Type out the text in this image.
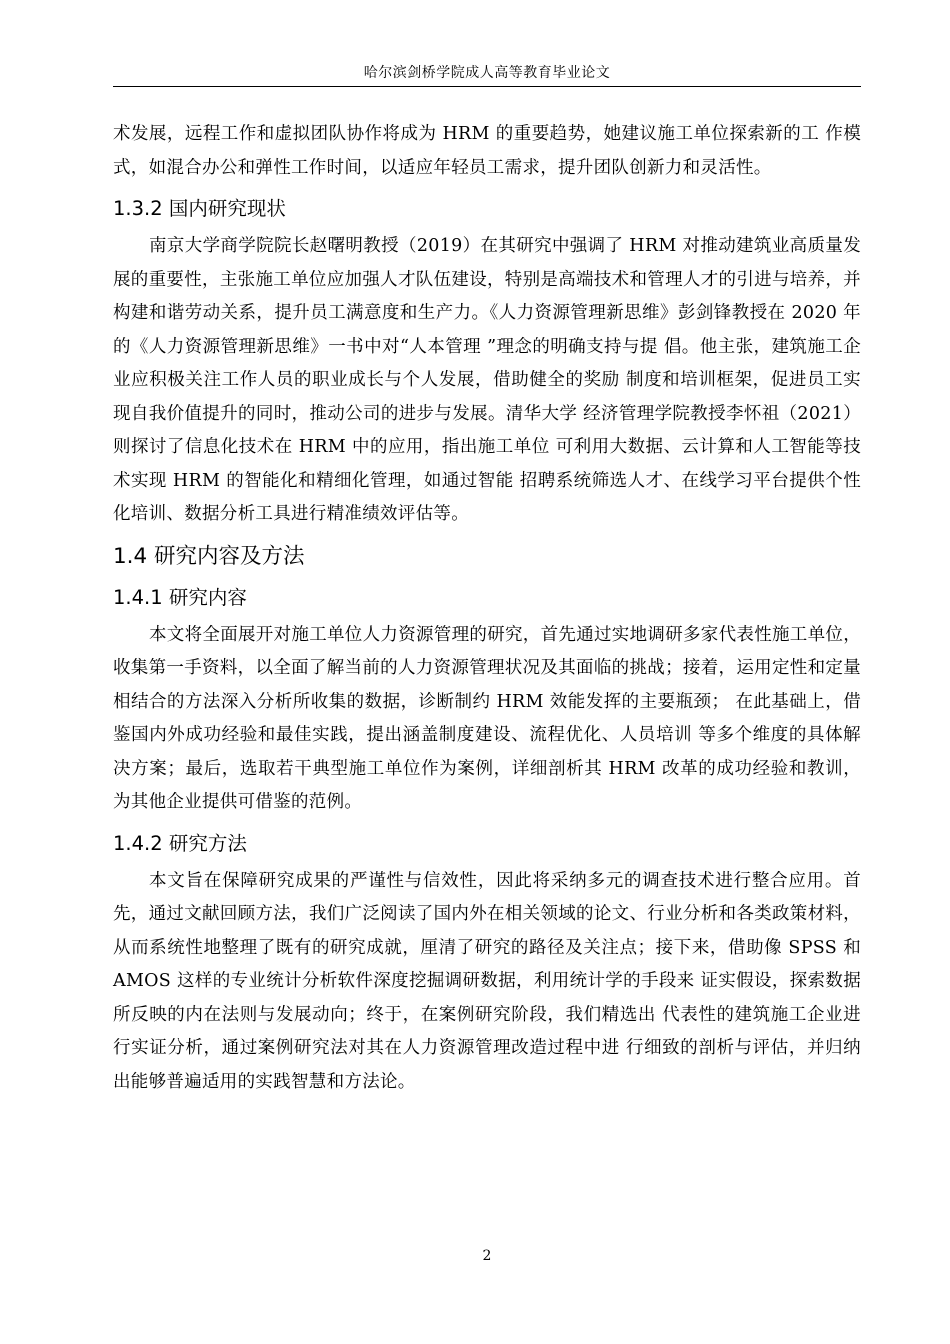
哈尔滨剑桥学院成人高等教育毕业论文

术发展，远程工作和虚拟团队协作将成为 HRM 的重要趋势，她建议施工单位探索新的工 作模式，如混合办公和弹性工作时间，以适应年轻员工需求，提升团队创新力和灵活性。

1.3.2 国内研究现状

南京大学商学院院长赵曙明教授（2019）在其研究中强调了 HRM 对推动建筑业高质量发展的重要性，主张施工单位应加强人才队伍建设，特别是高端技术和管理人才的引进与培养，并构建和谐劳动关系，提升员工满意度和生产力。《人力资源管理新思维》彭剑锋教授在 2020 年的《人力资源管理新思维》一书中对“人本管理 ”理念的明确支持与提 倡。他主张，建筑施工企业应积极关注工作人员的职业成长与个人发展，借助健全的奖励 制度和培训框架，促进员工实现自我价值提升的同时，推动公司的进步与发展。清华大学 经济管理学院教授李怀祖（2021）则探讨了信息化技术在 HRM 中的应用，指出施工单位 可利用大数据、云计算和人工智能等技术实现 HRM 的智能化和精细化管理，如通过智能 招聘系统筛选人才、在线学习平台提供个性化培训、数据分析工具进行精准绩效评估等。

1.4 研究内容及方法
1.4.1 研究内容

本文将全面展开对施工单位人力资源管理的研究，首先通过实地调研多家代表性施工单位，收集第一手资料，以全面了解当前的人力资源管理状况及其面临的挑战；接着，运用定性和定量相结合的方法深入分析所收集的数据，诊断制约 HRM 效能发挥的主要瓶颈； 在此基础上，借鉴国内外成功经验和最佳实践，提出涵盖制度建设、流程优化、人员培训 等多个维度的具体解决方案；最后，选取若干典型施工单位作为案例，详细剖析其 HRM 改革的成功经验和教训，为其他企业提供可借鉴的范例。

1.4.2 研究方法

本文旨在保障研究成果的严谨性与信效性，因此将采纳多元的调查技术进行整合应用。首先，通过文献回顾方法，我们广泛阅读了国内外在相关领域的论文、行业分析和各类政策材料，从而系统性地整理了既有的研究成就，厘清了研究的路径及关注点；接下来，借助像 SPSS 和 AMOS 这样的专业统计分析软件深度挖掘调研数据，利用统计学的手段来 证实假设，探索数据所反映的内在法则与发展动向；终于，在案例研究阶段，我们精选出 代表性的建筑施工企业进行实证分析，通过案例研究法对其在人力资源管理改造过程中进 行细致的剖析与评估，并归纳出能够普遍适用的实践智慧和方法论。

2
